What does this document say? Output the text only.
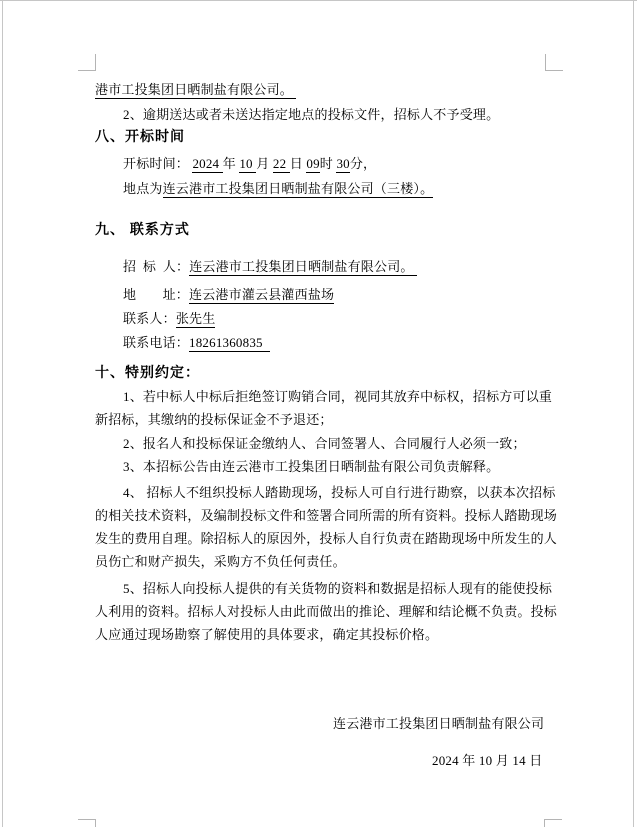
港市工投集团日晒制盐有限公司。
2、逾期送达或者未送达指定地点的投标文件，招标人不予受理。
八、开标时间
开标时间： 2024 年 10 月 22 日 09时 30分，
地点为连云港市工投集团日晒制盐有限公司（三楼）。
九、 联系方式
招 标 人：连云港市工投集团日晒制盐有限公司。
地　　址：连云港市灌云县灌西盐场
联系人：张先生
联系电话：18261360835
十、特别约定：
1、若中标人中标后拒绝签订购销合同，视同其放弃中标权，招标方可以重
新招标，其缴纳的投标保证金不予退还；
2、报名人和投标保证金缴纳人、合同签署人、合同履行人必须一致；
3、本招标公告由连云港市工投集团日晒制盐有限公司负责解释。
4、 招标人不组织投标人踏勘现场，投标人可自行进行勘察，以获本次招标
的相关技术资料，及编制投标文件和签署合同所需的所有资料。投标人踏勘现场
发生的费用自理。除招标人的原因外，投标人自行负责在踏勘现场中所发生的人
员伤亡和财产损失，采购方不负任何责任。
5、招标人向投标人提供的有关货物的资料和数据是招标人现有的能使投标
人利用的资料。招标人对投标人由此而做出的推论、理解和结论概不负责。投标
人应通过现场勘察了解使用的具体要求，确定其投标价格。
连云港市工投集团日晒制盐有限公司
2024 年 10 月 14 日
